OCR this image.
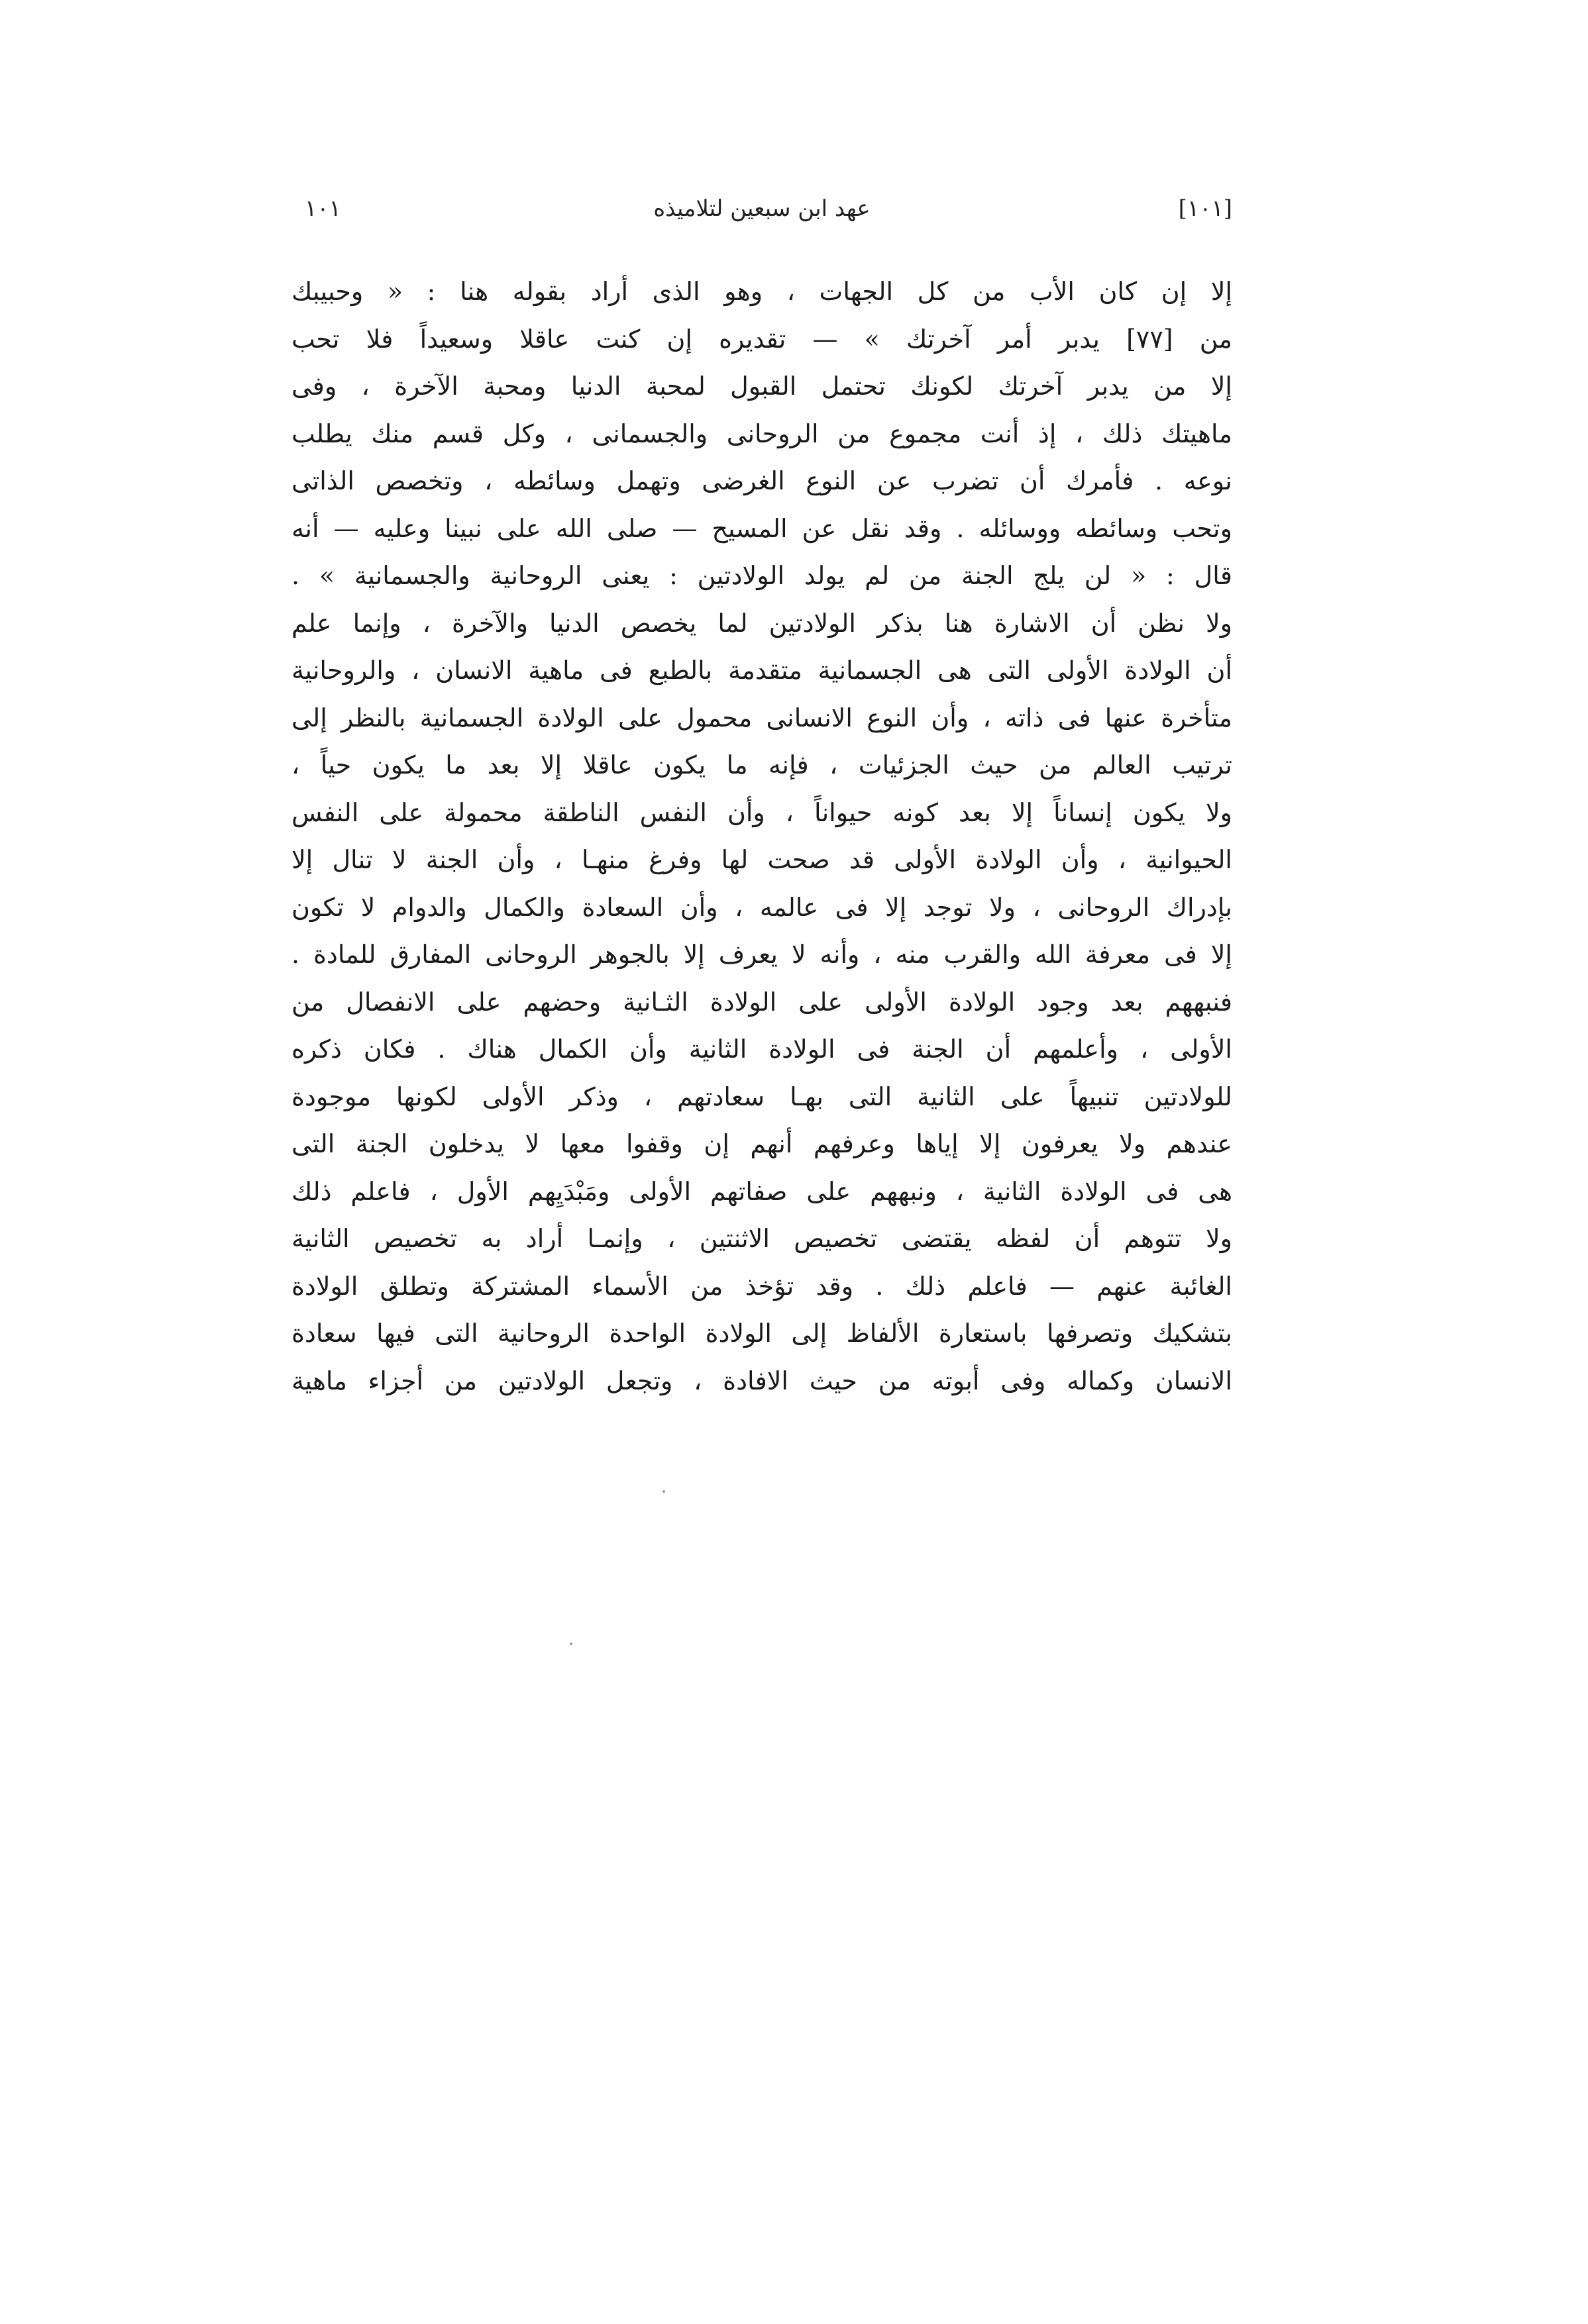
[١٠١]
عهد ابن سبعين لتلاميذه
١٠١
إلا إن كان الأب من كل الجهات ، وهو الذى أراد بقوله هنا : « وحبيبك
من [٧٧] يدبر أمر آخرتك » — تقديره إن كنت عاقلا وسعيداً فلا تحب
إلا من يدبر آخرتك لكونك تحتمل القبول لمحبة الدنيا ومحبة الآخرة ، وفى
ماهيتك ذلك ، إذ أنت مجموع من الروحانى والجسمانى ، وكل قسم منك يطلب
نوعه . فأمرك أن تضرب عن النوع الغرضى وتهمل وسائطه ، وتخصص الذاتى
وتحب وسائطه ووسائله . وقد نقل عن المسيح — صلى الله على نبينا وعليه — أنه
قال : « لن يلج الجنة من لم يولد الولادتين : يعنى الروحانية والجسمانية » .
ولا نظن أن الاشارة هنا بذكر الولادتين لما يخصص الدنيا والآخرة ، وإنما علم
أن الولادة الأولى التى هى الجسمانية متقدمة بالطبع فى ماهية الانسان ، والروحانية
متأخرة عنها فى ذاته ، وأن النوع الانسانى محمول على الولادة الجسمانية بالنظر إلى
ترتيب العالم من حيث الجزئيات ، فإنه ما يكون عاقلا إلا بعد ما يكون حياً ،
ولا يكون إنساناً إلا بعد كونه حيواناً ، وأن النفس الناطقة محمولة على النفس
الحيوانية ، وأن الولادة الأولى قد صحت لها وفرغ منهـا ، وأن الجنة لا تنال إلا
بإدراك الروحانى ، ولا توجد إلا فى عالمه ، وأن السعادة والكمال والدوام لا تكون
إلا فى معرفة الله والقرب منه ، وأنه لا يعرف إلا بالجوهر الروحانى المفارق للمادة .
فنبههم بعد وجود الولادة الأولى على الولادة الثـانية وحضهم على الانفصال من
الأولى ، وأعلمهم أن الجنة فى الولادة الثانية وأن الكمال هناك . فكان ذكره
للولادتين تنبيهاً على الثانية التى بهـا سعادتهم ، وذكر الأولى لكونها موجودة
عندهم ولا يعرفون إلا إياها وعرفهم أنهم إن وقفوا معها لا يدخلون الجنة التى
هى فى الولادة الثانية ، ونبههم على صفاتهم الأولى ومَبْدَيِهم الأول ، فاعلم ذلك
ولا تتوهم أن لفظه يقتضى تخصيص الاثنتين ، وإنمـا أراد به تخصيص الثانية
الغائبة عنهم — فاعلم ذلك . وقد تؤخذ من الأسماء المشتركة وتطلق الولادة
بتشكيك وتصرفها باستعارة الألفاظ إلى الولادة الواحدة الروحانية التى فيها سعادة
الانسان وكماله وفى أبوته من حيث الافادة ، وتجعل الولادتين من أجزاء ماهية
